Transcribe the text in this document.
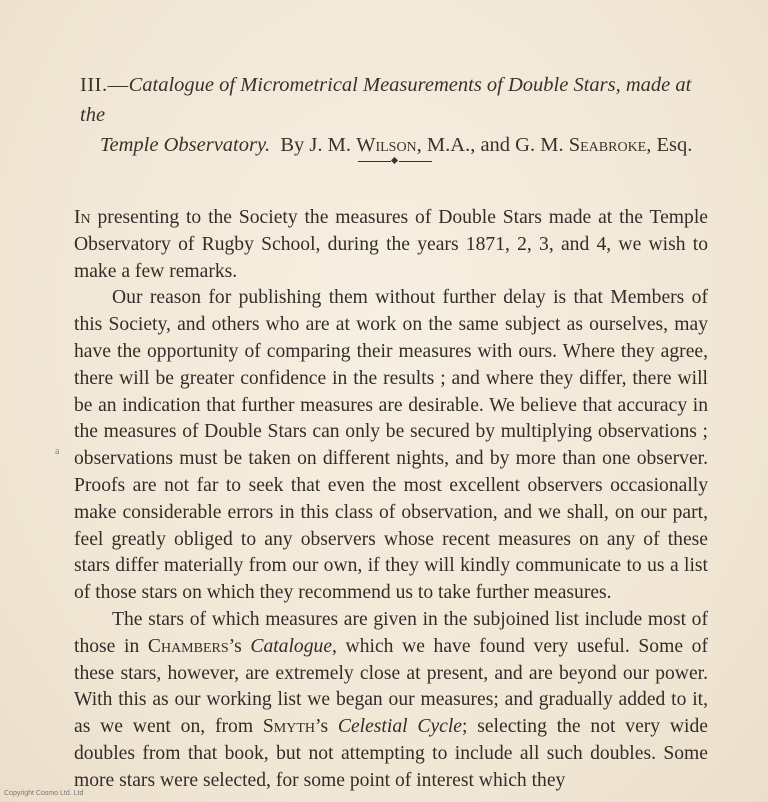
III.—Catalogue of Micrometrical Measurements of Double Stars, made at the
Temple Observatory. By J. M. Wilson, M.A., and G. M. Seabroke, Esq.

In presenting to the Society the measures of Double Stars made at the Temple Observatory of Rugby School, during the years 1871, 2, 3, and 4, we wish to make a few remarks.

Our reason for publishing them without further delay is that Members of this Society, and others who are at work on the same subject as ourselves, may have the opportunity of comparing their measures with ours. Where they agree, there will be greater confidence in the results ; and where they differ, there will be an indication that further measures are desirable. We believe that accuracy in the measures of Double Stars can only be secured by multiplying observations ; observations must be taken on different nights, and by more than one observer. Proofs are not far to seek that even the most excellent observers occasionally make considerable errors in this class of observation, and we shall, on our part, feel greatly obliged to any observers whose recent measures on any of these stars differ materially from our own, if they will kindly communicate to us a list of those stars on which they recommend us to take further measures.

The stars of which measures are given in the subjoined list include most of those in Chambers’s Catalogue, which we have found very useful. Some of these stars, however, are extremely close at present, and are beyond our power. With this as our working list we began our measures; and gradually added to it, as we went on, from Smyth’s Celestial Cycle; selecting the not very wide doubles from that book, but not attempting to include all such doubles. Some more stars were selected, for some point of interest which they

a
Copyright Cosmo Ltd. Ltd
